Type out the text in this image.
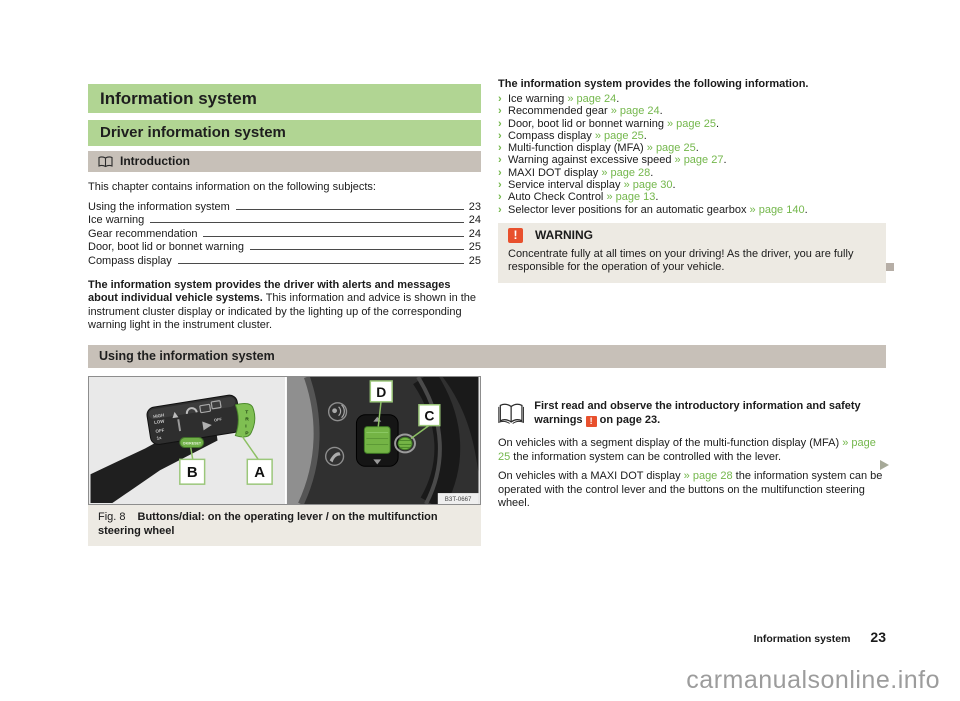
Information system
Driver information system
Introduction
This chapter contains information on the following subjects:
Using the information system	23
Ice warning	24
Gear recommendation	24
Door, boot lid or bonnet warning	25
Compass display	25
The information system provides the driver with alerts and messages about individual vehicle systems. This information and advice is shown in the instrument cluster display or indicated by the lighting up of the corresponding warning light in the instrument cluster.
Using the information system
HIGH
LOW
OFF
1x
OFF
T
R
I
P
OK/RESET
B	A
D
C
B3T-0667
Fig. 8 Buttons/dial: on the operating lever / on the multifunction steering wheel
The information system provides the following information.
› Ice warning » page 24.
› Recommended gear » page 24.
› Door, boot lid or bonnet warning » page 25.
› Compass display » page 25.
› Multi-function display (MFA) » page 25.
› Warning against excessive speed » page 27.
› MAXI DOT display » page 28.
› Service interval display » page 30.
› Auto Check Control » page 13.
› Selector lever positions for an automatic gearbox » page 140.
!	WARNING
Concentrate fully at all times on your driving! As the driver, you are fully responsible for the operation of your vehicle.
First read and observe the introductory information and safety warnings ! on page 23.
On vehicles with a segment display of the multi-function display (MFA) » page 25 the information system can be controlled with the lever.
On vehicles with a MAXI DOT display » page 28 the information system can be operated with the control lever and the buttons on the multifunction steering wheel.
Information system 23
carmanualsonline.info
